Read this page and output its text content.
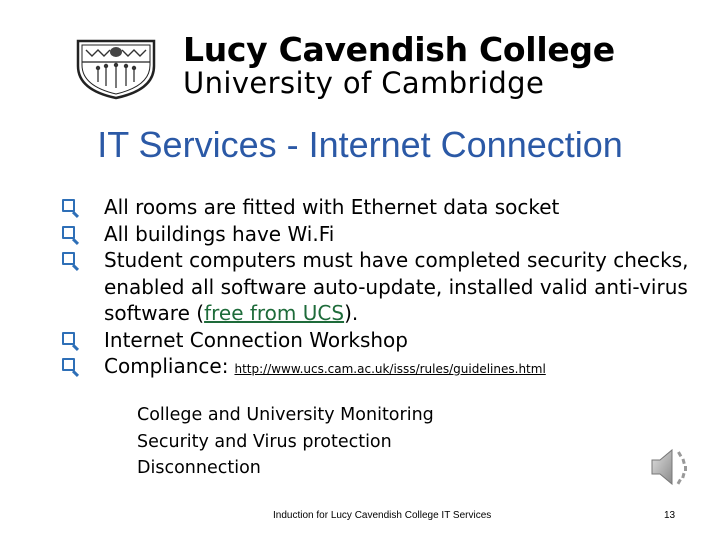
Lucy Cavendish College
University of Cambridge
IT Services - Internet Connection
All rooms are fitted with Ethernet data socket
All buildings have Wi.Fi
Student computers must have completed security checks, enabled all software auto-update, installed valid anti-virus software (free from UCS).
Internet Connection Workshop
Compliance: http://www.ucs.cam.ac.uk/isss/rules/guidelines.html
College and University Monitoring
Security and Virus protection
Disconnection
Induction for Lucy Cavendish College IT Services	13
